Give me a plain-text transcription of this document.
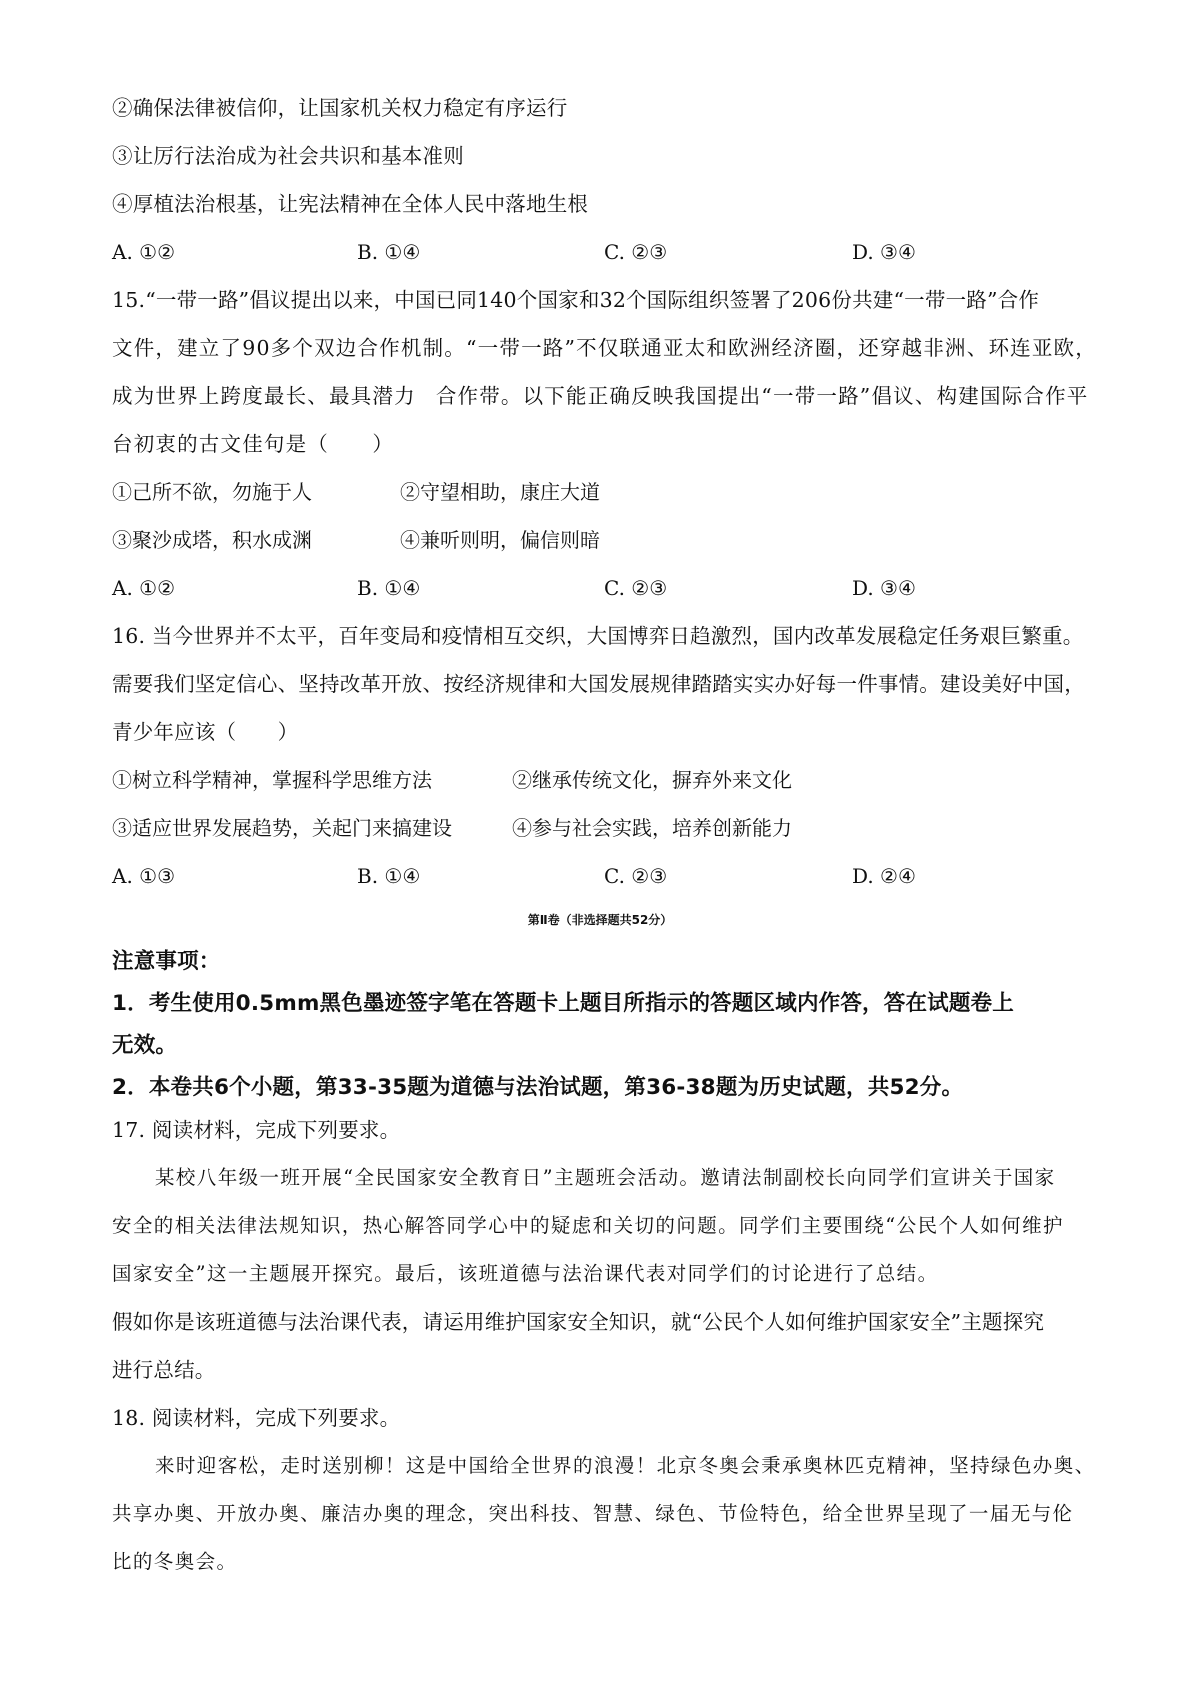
②确保法律被信仰，让国家机关权力稳定有序运行
③让厉行法治成为社会共识和基本准则
④厚植法治根基，让宪法精神在全体人民中落地生根
A. ①②	B. ①④	C. ②③	D. ③④
15.“一带一路”倡议提出以来，中国已同140个国家和32个国际组织签署了206份共建“一带一路”合作
文件，建立了90多个双边合作机制。“一带一路”不仅联通亚太和欧洲经济圈，还穿越非洲、环连亚欧，
成为世界上跨度最长、最具潜力 合作带。以下能正确反映我国提出“一带一路”倡议、构建国际合作平
台初衷的古文佳句是（　　）
①己所不欲，勿施于人	②守望相助，康庄大道
③聚沙成塔，积水成渊	④兼听则明，偏信则暗
A. ①②	B. ①④	C. ②③	D. ③④
16. 当今世界并不太平，百年变局和疫情相互交织，大国博弈日趋激烈，国内改革发展稳定任务艰巨繁重。
需要我们坚定信心、坚持改革开放、按经济规律和大国发展规律踏踏实实办好每一件事情。建设美好中国，
青少年应该（　　）
①树立科学精神，掌握科学思维方法	②继承传统文化，摒弃外来文化
③适应世界发展趋势，关起门来搞建设	④参与社会实践，培养创新能力
A. ①③	B. ①④	C. ②③	D. ②④
第Ⅱ卷（非选择题共52分）
注意事项：
1．考生使用0.5mm黑色墨迹签字笔在答题卡上题目所指示的答题区域内作答，答在试题卷上
无效。
2．本卷共6个小题，第33-35题为道德与法治试题，第36-38题为历史试题，共52分。
17. 阅读材料，完成下列要求。
某校八年级一班开展“全民国家安全教育日”主题班会活动。邀请法制副校长向同学们宣讲关于国家
安全的相关法律法规知识，热心解答同学心中的疑虑和关切的问题。同学们主要围绕“公民个人如何维护
国家安全”这一主题展开探究。最后，该班道德与法治课代表对同学们的讨论进行了总结。
假如你是该班道德与法治课代表，请运用维护国家安全知识，就“公民个人如何维护国家安全”主题探究
进行总结。
18. 阅读材料，完成下列要求。
来时迎客松，走时送别柳！这是中国给全世界的浪漫！北京冬奥会秉承奥林匹克精神，坚持绿色办奥、
共享办奥、开放办奥、廉洁办奥的理念，突出科技、智慧、绿色、节俭特色，给全世界呈现了一届无与伦
比的冬奥会。
